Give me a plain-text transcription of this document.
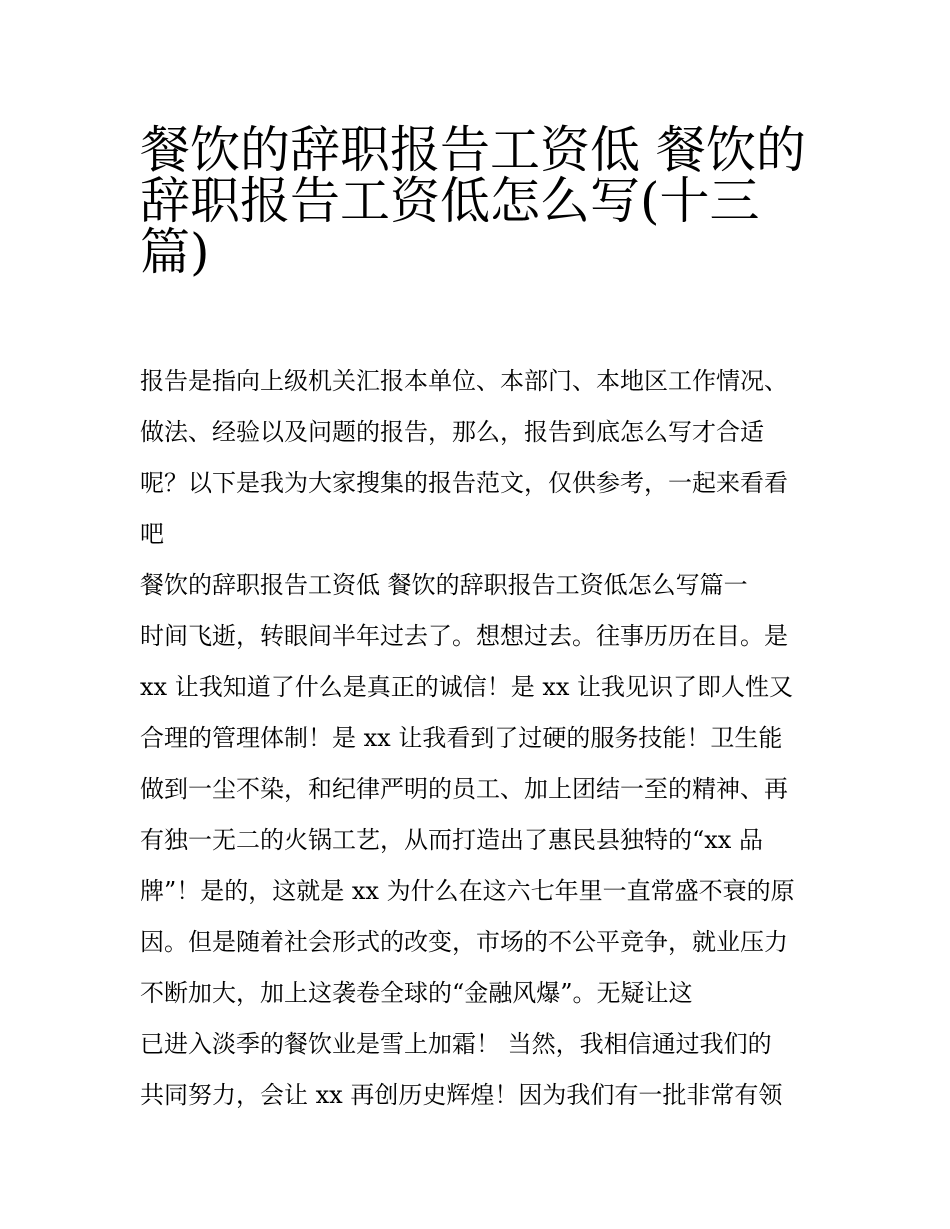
餐饮的辞职报告工资低 餐饮的
辞职报告工资低怎么写(十三
篇)
报告是指向上级机关汇报本单位、本部门、本地区工作情况、
做法、经验以及问题的报告，那么，报告到底怎么写才合适
呢？以下是我为大家搜集的报告范文，仅供参考，一起来看看
吧
餐饮的辞职报告工资低 餐饮的辞职报告工资低怎么写篇一
时间飞逝，转眼间半年过去了。想想过去。往事历历在目。是
xx 让我知道了什么是真正的诚信！是 xx 让我见识了即人性又
合理的管理体制！是 xx 让我看到了过硬的服务技能！卫生能
做到一尘不染，和纪律严明的员工、加上团结一至的精神、再
有独一无二的火锅工艺，从而打造出了惠民县独特的“xx 品
牌”！是的，这就是 xx 为什么在这六七年里一直常盛不衰的原
因。但是随着社会形式的改变，市场的不公平竞争，就业压力
不断加大，加上这袭卷全球的“金融风爆”。无疑让这
已进入淡季的餐饮业是雪上加霜！ 当然，我相信通过我们的
共同努力，会让 xx 再创历史辉煌！因为我们有一批非常有领
